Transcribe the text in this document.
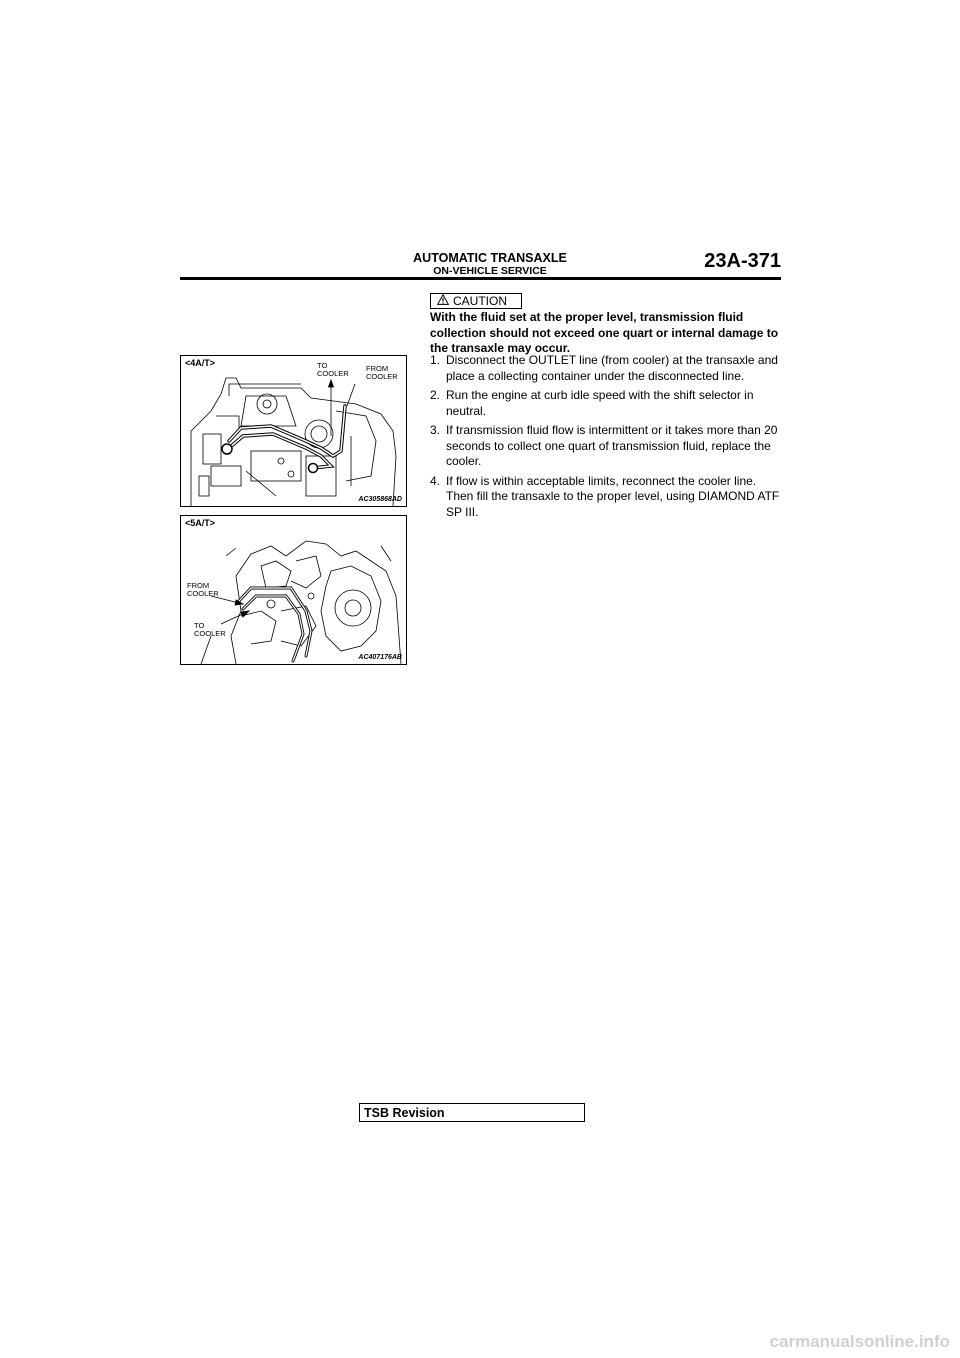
AUTOMATIC TRANSAXLE
ON-VEHICLE SERVICE	23A-371
<4A/T>	TO
COOLER
FROM
COOLER
AC305868AD
<5A/T>
FROM
COOLER
TO
COOLER
AC407176AB
CAUTION
With the fluid set at the proper level, transmission fluid collection should not exceed one quart or internal damage to the transaxle may occur.
1. Disconnect the OUTLET line (from cooler) at the transaxle and place a collecting container under the disconnected line.
2. Run the engine at curb idle speed with the shift selector in neutral.
3. If transmission fluid flow is intermittent or it takes more than 20 seconds to collect one quart of transmission fluid, replace the cooler.
4. If flow is within acceptable limits, reconnect the cooler line. Then fill the transaxle to the proper level, using DIAMOND ATF SP III.
TSB Revision
carmanualsonline.info
